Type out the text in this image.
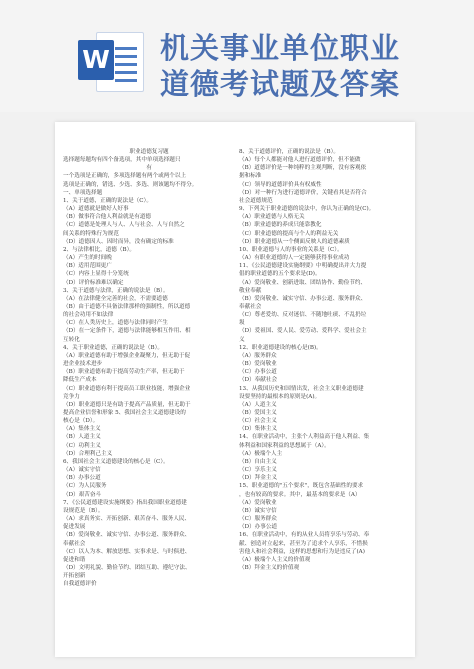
W 机关事业单位职业
道德考试题及答案
职业道德复习题
选择题每题均有四个备选项，其中单项选择题只
有
一个选项是正确的，多项选择题有两个或两个以上
选项是正确的，错选、少选、多选、则该题均不得分。
一、单项选择题
1、关于道德，正确的说法是（C）。
（A）道德就是做好人好事
（B）做事符合他人利益就是有道德
（C）道德是处理人与人、人与社会、人与自然之
间关系的特殊行为规范
（D）道德因人、因时而异，没有确定的标准
2、与法律相比，道德（B）。
（A）产生的时间晚
（B）适用范围更广
（C）内容上显得十分笼统
（D）评价标准难以确定
3、关于道德与法律，正确的说法是（B）。
（A）在法律健全完善的社会，不需要道德
（B）由于道德不具备法律那样的强制性，所以道德
的社会功用不如法律
（C）在人类历史上，道德与法律同时产生
（D）在一定条件下，道德与法律能够相互作用、相
互转化
4、关于职业道德，正确的说法是（B）。
（A）职业道德有助于增强企业凝聚力，但无助于促
进企业技术进步
（B）职业道德有助于提高劳动生产率，但无助于
降低生产成本
（C）职业道德有利于提高员工职业技能，增强企业
竞争力
（D）职业道德只是有助于提高产品质量，但无助于
提高企业信誉和形象 5、我国社会主义道德建设的
核心是（D）。
（A）集体主义
（B）人道主义
（C）功利主义
（D）合理利己主义
6、我国社会主义道德建设的核心是（C）。
（A）诚实守信
（B）办事公道
（C）为人民服务
（D）艰苦奋斗
7、《公民道德建设实施纲要》指出我国职业道德建
设规范是（B）。
（A）求真务实、开拓创新、艰苦奋斗、服务人民、
促进发展
（B）爱岗敬业、诚实守信、办事公道、服务群众、
奉献社会
（C）以人为本、解放思想、实事求是、与时俱进、
促进和谐
（D）文明礼貌、勤俭节约、团结互助、遵纪守法、
开拓创新
自我道德评价
8、关于道德评价，正确的说法是（B）。
（A）每个人都能对他人进行道德评价，但不能做
（B）道德评价是一种纯粹的主观判断，没有客观依
据和标准
（C）领导的道德评价具有权威性
（D）对一种行为进行道德评价，关键看其是否符合
社会道德规范
9、下列关于职业道德的说法中，你认为正确的是(C)。
（A）职业道德与人格无关
（B）职业道德的养成只能靠教化
（C）职业道德的提高与个人的利益无关
（D）职业道德从一个侧面反映人的道德素质
10、职业道德与人的事业的关系是（C）。
（A）有职业道德的人一定能够获得事业成功
11、《公民道德建设实施纲要》中明确提出并大力提
倡的职业道德的五个要求是(D)。
（A）爱岗敬业、创新进取、团结协作、勤俭节约、
敬业奉献
（B）爱岗敬业、诚实守信、办事公道、服务群众、
奉献社会
（C）尊老爱幼、反对迷信、不随地吐痰、不乱扔垃
圾
（D）爱祖国、爱人民、爱劳动、爱科学、爱社会主
义
12、职业道德建设的核心是(B)。
（A）服务群众
（B）爱岗敬业
（C）办事公道
（D）奉献社会
13、从我国历史和国情出发，社会主义职业道德建
设要坚持的最根本的原则是(A)。
（A）人道主义
（B）爱国主义
（C）社会主义
（D）集体主义
14、在职业活动中，主张个人利益高于他人利益、集
体利益和国家利益的思想属于（A）。
（A）极端个人主
（B）自由主义
（C）享乐主义
（D）拜金主义
15、职业道德的"五个要求"，既包含基础性的要求
，也有较高的要求。其中，最基本的要求是（A）
（A）爱岗敬业
（B）诚实守信
（C）服务群众
（D）办事公道
16、在职业活动中，有的从业人员将享乐与劳动、奉
献、创造对立起来，甚至为了追求个人享乐，不惜损
害他人和社会利益，这样的思想和行为是违反了(A)
（A）极端个人主义的价值观
（B）拜金主义的价值观
